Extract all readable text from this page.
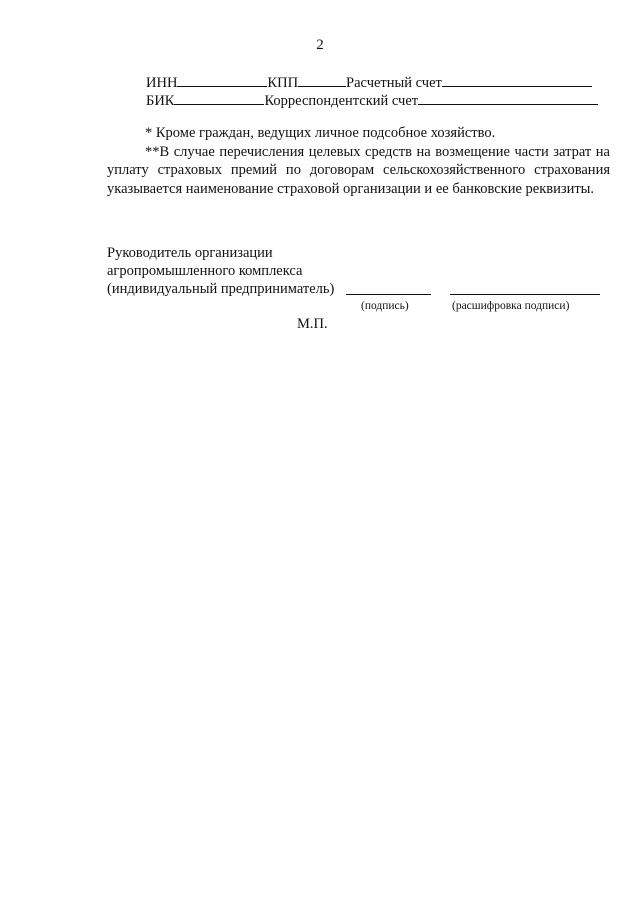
2
ИНН	КПП	Расчетный счет
БИК	Корреспондентский счет

* Кроме граждан, ведущих личное подсобное хозяйство.

**В случае перечисления целевых средств на возмещение части затрат на уплату страховых премий по договорам сельскохозяйственного страхования указывается наименование страховой организации и ее банковские реквизиты.

Руководитель организации
агропромышленного комплекса
(индивидуальный предприниматель)
(подпись)	(расшифровка подписи)
М.П.
